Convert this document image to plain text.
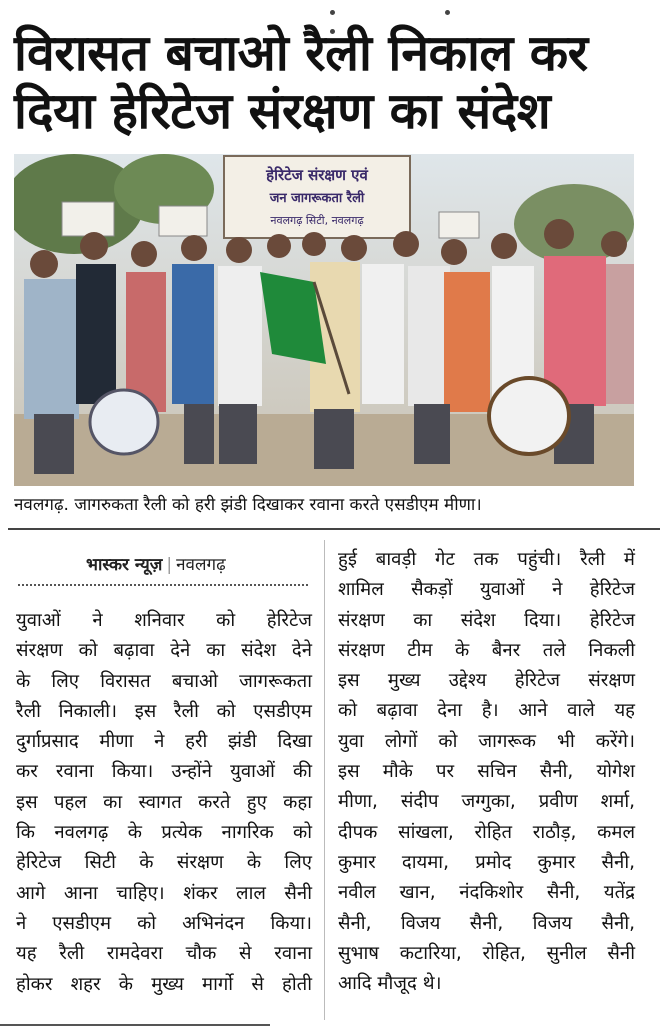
विरासत बचाओ रैली निकाल कर
दिया हेरिटेज संरक्षण का संदेश
हेरिटेज संरक्षण एवं
जन जागरूकता रैली
नवलगढ़ सिटी, नवलगढ़
नवलगढ़. जागरुकता रैली को हरी झंडी दिखाकर रवाना करते एसडीएम मीणा।
भास्कर न्यूज़ | नवलगढ़

युवाओं ने शनिवार को हेरिटेज

संरक्षण को बढ़ावा देने का संदेश देने

के लिए विरासत बचाओ जागरूकता

रैली निकाली। इस रैली को एसडीएम

दुर्गाप्रसाद मीणा ने हरी झंडी दिखा

कर रवाना किया। उन्होंने युवाओं की

इस पहल का स्वागत करते हुए कहा

कि नवलगढ़ के प्रत्येक नागरिक को

हेरिटेज सिटी के संरक्षण के लिए

आगे आना चाहिए। शंकर लाल सैनी

ने एसडीएम को अभिनंदन किया।

यह रैली रामदेवरा चौक से रवाना

होकर शहर के मुख्य मार्गो से होती

हुई बावड़ी गेट तक पहुंची। रैली में

शामिल सैकड़ों युवाओं ने हेरिटेज

संरक्षण का संदेश दिया। हेरिटेज

संरक्षण टीम के बैनर तले निकली

इस मुख्य उद्देश्य हेरिटेज संरक्षण

को बढ़ावा देना है। आने वाले यह

युवा लोगों को जागरूक भी करेंगे।

इस मौके पर सचिन सैनी, योगेश

मीणा, संदीप जग्गुका, प्रवीण शर्मा,

दीपक सांखला, रोहित राठौड़, कमल

कुमार दायमा, प्रमोद कुमार सैनी,

नवील खान, नंदकिशोर सैनी, यतेंद्र

सैनी, विजय सैनी, विजय सैनी,

सुभाष कटारिया, रोहित, सुनील सैनी

आदि मौजूद थे।
